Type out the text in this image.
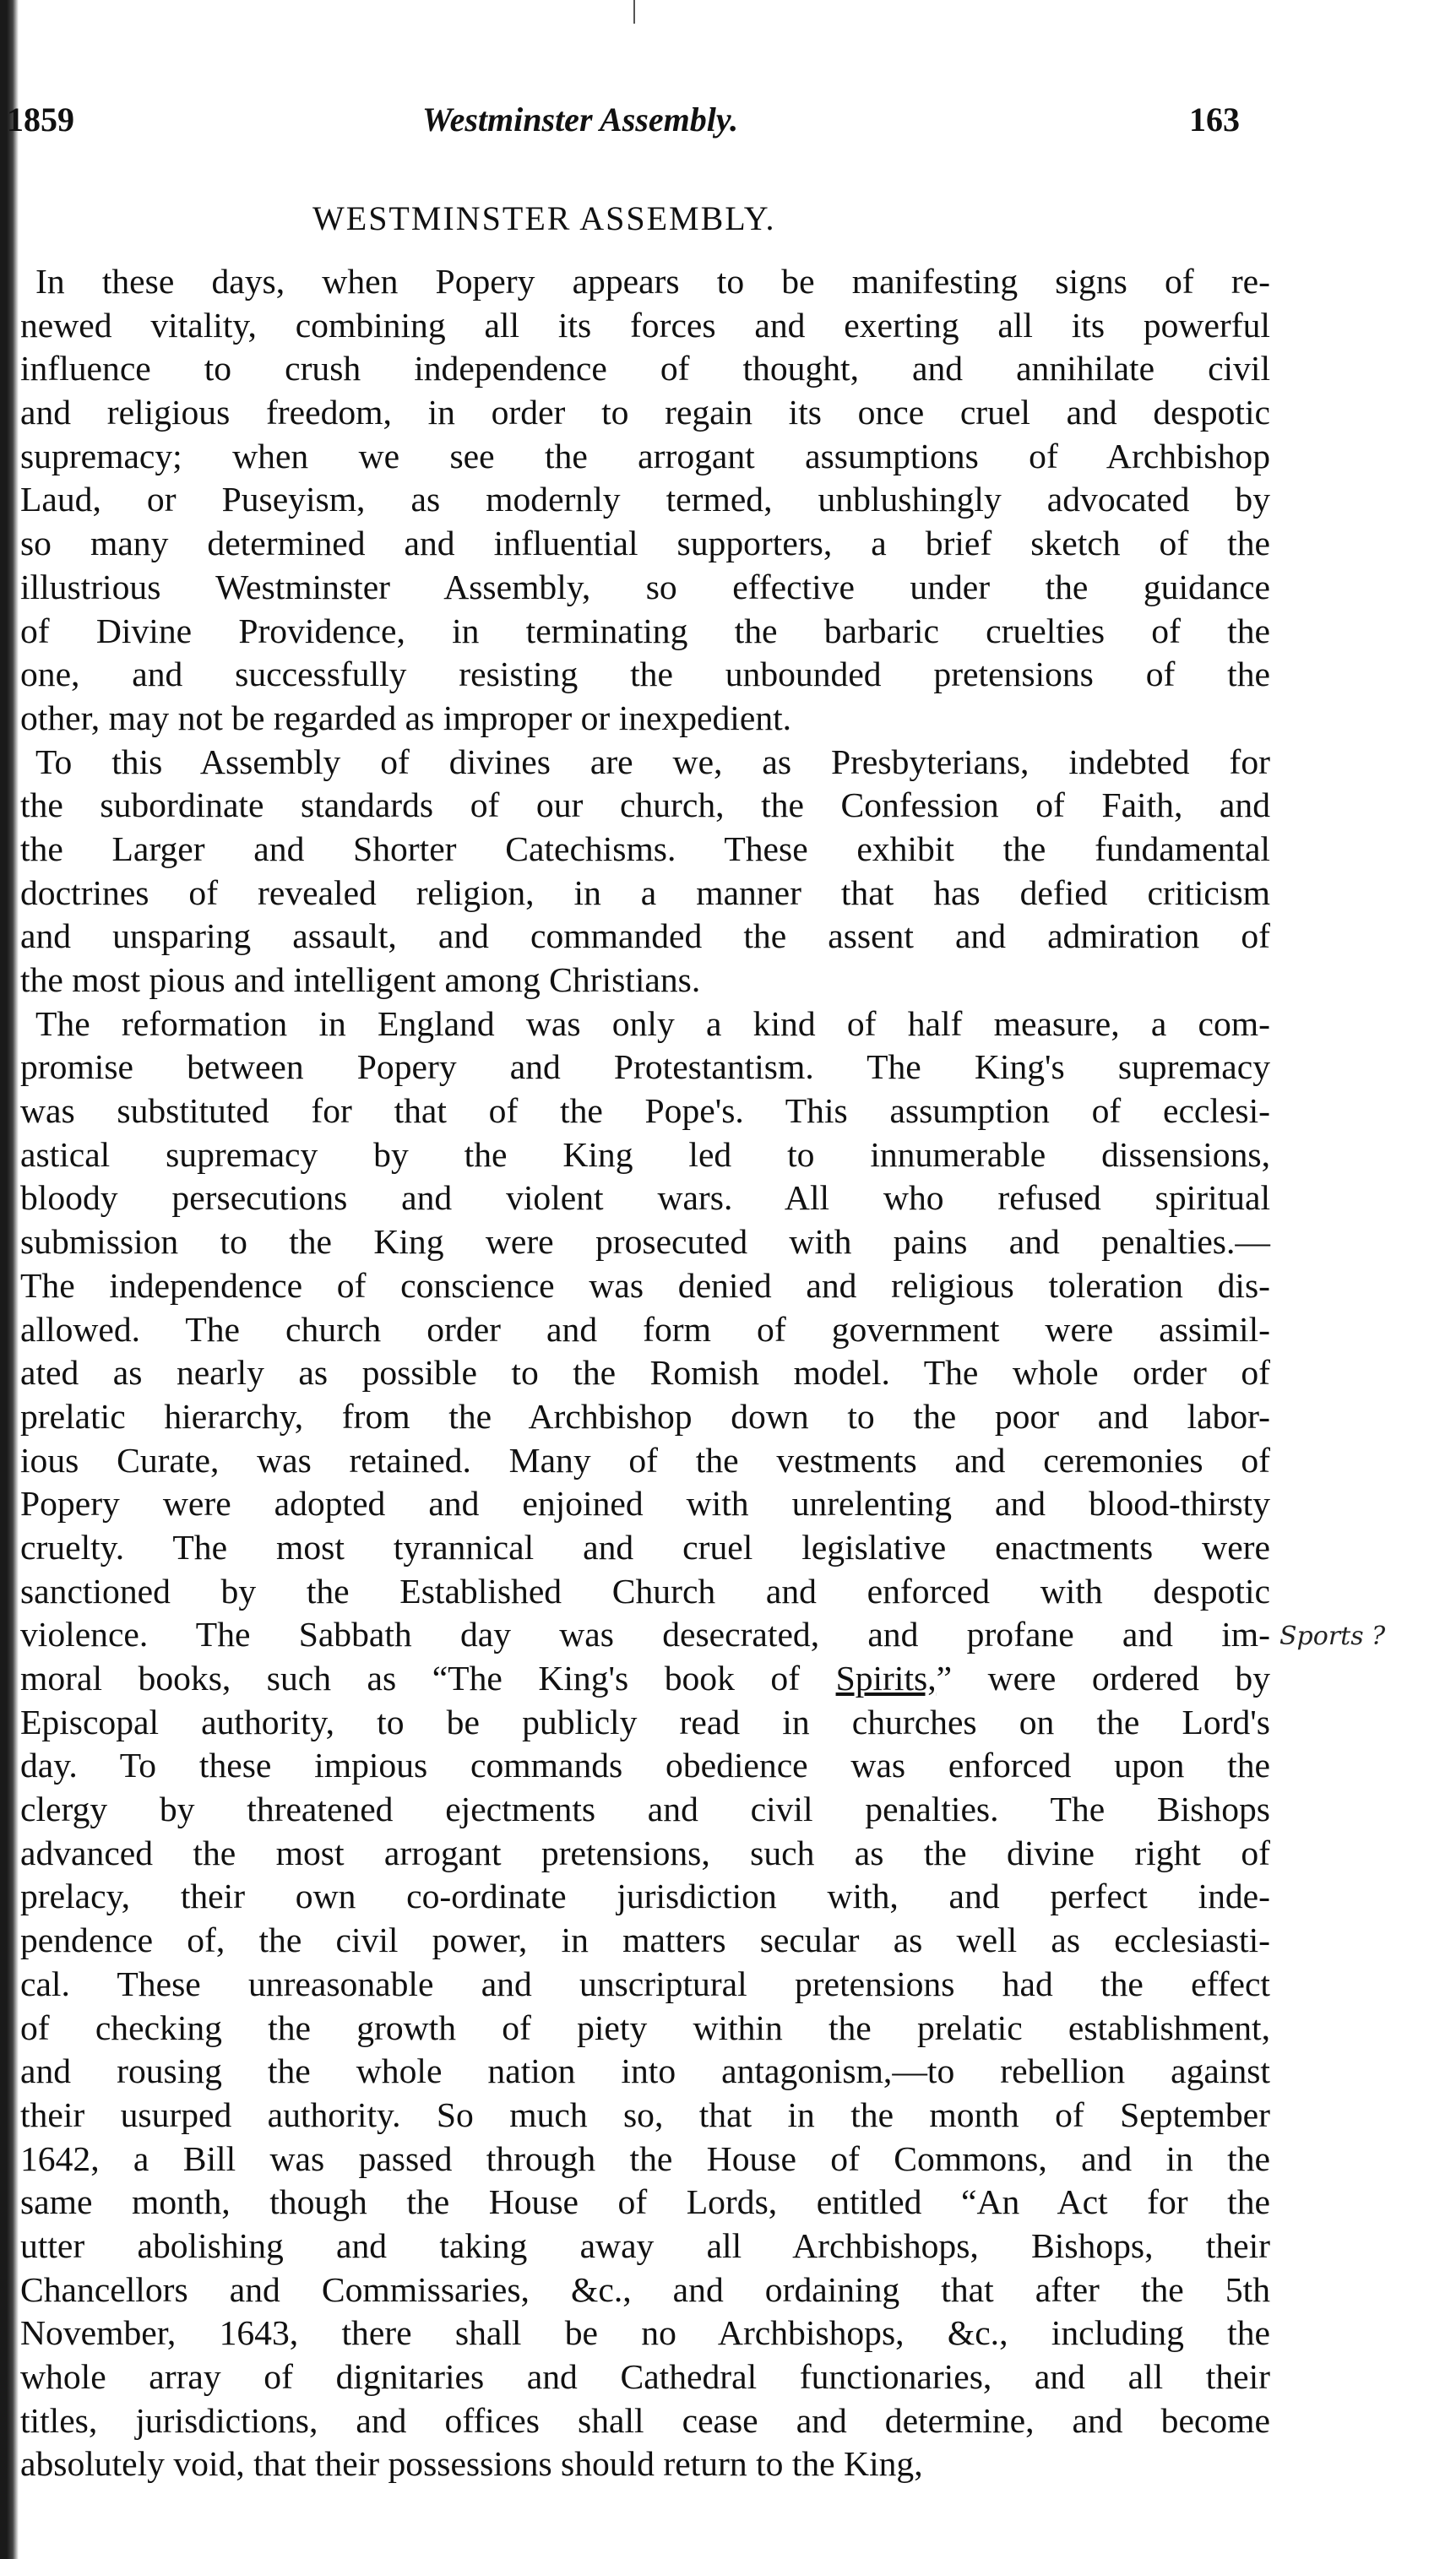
1859	Westminster Assembly.	163
WESTMINSTER ASSEMBLY.
In these days, when Popery appears to be manifesting signs of re-
newed vitality, combining all its forces and exerting all its powerful
influence to crush independence of thought, and annihilate civil
and religious freedom, in order to regain its once cruel and despotic
supremacy; when we see the arrogant assumptions of Archbishop
Laud, or Puseyism, as modernly termed, unblushingly advocated by
so many determined and influential supporters, a brief sketch of the
illustrious Westminster Assembly, so effective under the guidance
of Divine Providence, in terminating the barbaric cruelties of the
one, and successfully resisting the unbounded pretensions of the
other, may not be regarded as improper or inexpedient.
To this Assembly of divines are we, as Presbyterians, indebted for
the subordinate standards of our church, the Confession of Faith, and
the Larger and Shorter Catechisms. These exhibit the fundamental
doctrines of revealed religion, in a manner that has defied criticism
and unsparing assault, and commanded the assent and admiration of
the most pious and intelligent among Christians.
The reformation in England was only a kind of half measure, a com-
promise between Popery and Protestantism. The King's supremacy
was substituted for that of the Pope's. This assumption of ecclesi-
astical supremacy by the King led to innumerable dissensions,
bloody persecutions and violent wars. All who refused spiritual
submission to the King were prosecuted with pains and penalties.—
The independence of conscience was denied and religious toleration dis-
allowed. The church order and form of government were assimil-
ated as nearly as possible to the Romish model. The whole order of
prelatic hierarchy, from the Archbishop down to the poor and labor-
ious Curate, was retained. Many of the vestments and ceremonies of
Popery were adopted and enjoined with unrelenting and blood-thirsty
cruelty. The most tyrannical and cruel legislative enactments were
sanctioned by the Established Church and enforced with despotic
violence. The Sabbath day was desecrated, and profane and im-
moral books, such as “The King's book of Spirits,” were ordered by
Episcopal authority, to be publicly read in churches on the Lord's
day. To these impious commands obedience was enforced upon the
clergy by threatened ejectments and civil penalties. The Bishops
advanced the most arrogant pretensions, such as the divine right of
prelacy, their own co-ordinate jurisdiction with, and perfect inde-
pendence of, the civil power, in matters secular as well as ecclesiasti-
cal. These unreasonable and unscriptural pretensions had the effect
of checking the growth of piety within the prelatic establishment,
and rousing the whole nation into antagonism,—to rebellion against
their usurped authority. So much so, that in the month of September
1642, a Bill was passed through the House of Commons, and in the
same month, though the House of Lords, entitled “An Act for the
utter abolishing and taking away all Archbishops, Bishops, their
Chancellors and Commissaries, &c., and ordaining that after the 5th
November, 1643, there shall be no Archbishops, &c., including the
whole array of dignitaries and Cathedral functionaries, and all their
titles, jurisdictions, and offices shall cease and determine, and become
absolutely void, that their possessions should return to the King,
Sports ?
